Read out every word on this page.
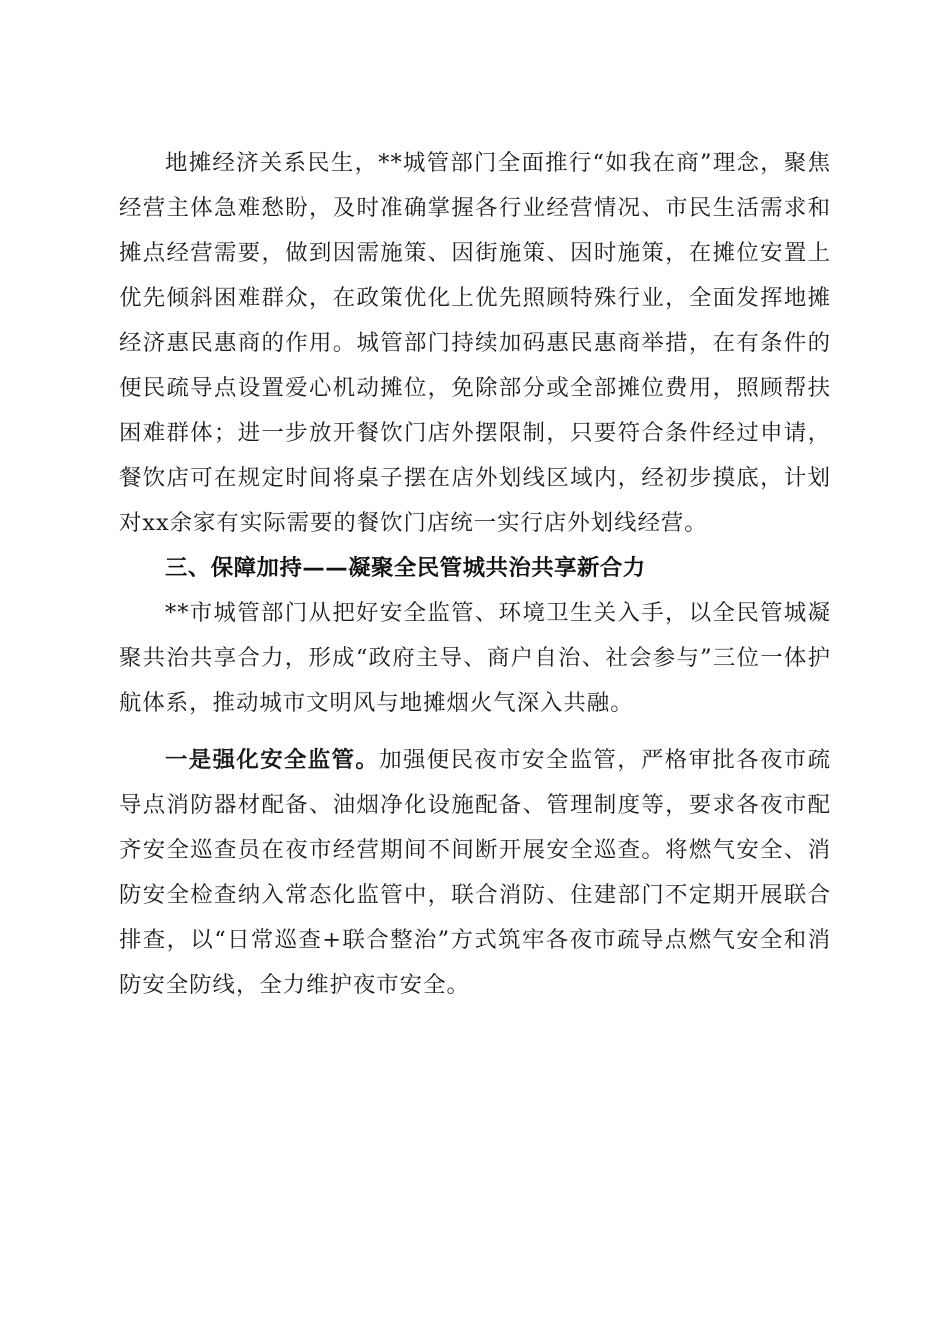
地摊经济关系民生，**城管部门全面推行“如我在商”理念，聚焦经营主体急难愁盼，及时准确掌握各行业经营情况、市民生活需求和摊点经营需要，做到因需施策、因街施策、因时施策，在摊位安置上优先倾斜困难群众，在政策优化上优先照顾特殊行业，全面发挥地摊经济惠民惠商的作用。城管部门持续加码惠民惠商举措，在有条件的便民疏导点设置爱心机动摊位，免除部分或全部摊位费用，照顾帮扶困难群体；进一步放开餐饮门店外摆限制，只要符合条件经过申请，餐饮店可在规定时间将桌子摆在店外划线区域内，经初步摸底，计划对xx余家有实际需要的餐饮门店统一实行店外划线经营。

三、保障加持——凝聚全民管城共治共享新合力

**市城管部门从把好安全监管、环境卫生关入手，以全民管城凝聚共治共享合力，形成“政府主导、商户自治、社会参与”三位一体护航体系，推动城市文明风与地摊烟火气深入共融。

一是强化安全监管。加强便民夜市安全监管，严格审批各夜市疏导点消防器材配备、油烟净化设施配备、管理制度等，要求各夜市配齐安全巡查员在夜市经营期间不间断开展安全巡查。将燃气安全、消防安全检查纳入常态化监管中，联合消防、住建部门不定期开展联合排查，以“日常巡查+联合整治”方式筑牢各夜市疏导点燃气安全和消防安全防线，全力维护夜市安全。
